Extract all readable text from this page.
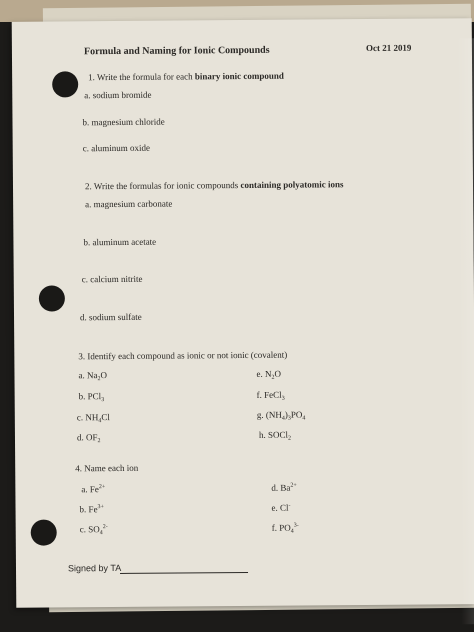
Formula and Naming for Ionic Compounds	Oct 21 2019
1. Write the formula for each binary ionic compound
a. sodium bromide
b. magnesium chloride
c. aluminum oxide
2. Write the formulas for ionic compounds containing polyatomic ions
a. magnesium carbonate
b. aluminum acetate
c. calcium nitrite
d. sodium sulfate
3. Identify each compound as ionic or not ionic (covalent)
a. $Na_2O$
b. PCl$_3$
c. $NH_4Cl$
d. $OF_2$
e. $N_2O$
f. FeCl$_3$
g. $(NH_4)_3PO_4$
h. SOCl$_2$
4. Name each ion
a. $Fe^{2+}$
b. $Fe^{3+}$
c. $SO_4^{2-}$
d. $Ba^{2+}$
e. Cl-
f. $PO_4^{3-}$
Signed by TA
